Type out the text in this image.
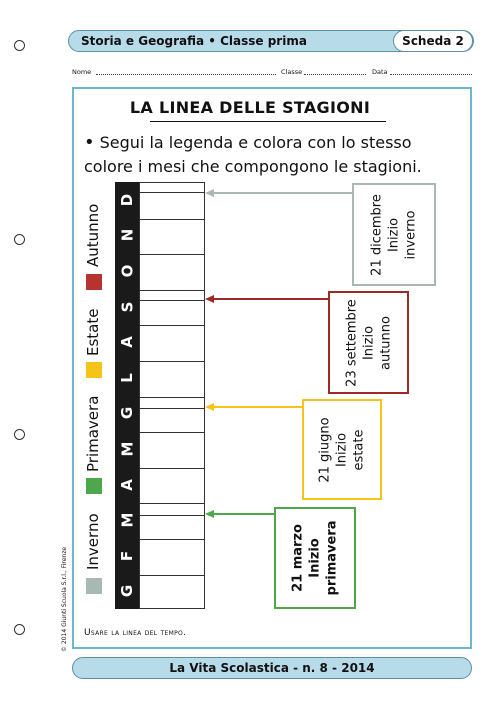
Storia e Geografia • Classe prima	Scheda 2
Nome	Classe	Data
LA LINEA DELLE STAGIONI
• Segui la legenda e colora con lo stesso colore i mesi che compongono le stagioni.
Autunno
Estate
Primavera
Inverno
D
N
O
S
A
L
G
M
A
M
F
G
21 dicembre Inizio inverno
23 settembre Inizio autunno
21 giugno Inizio estate
21 marzo Inizio primavera
Usare la linea del tempo.
© 2014 Giunti Scuola S.r.l., Firenze
La Vita Scolastica - n. 8 - 2014
